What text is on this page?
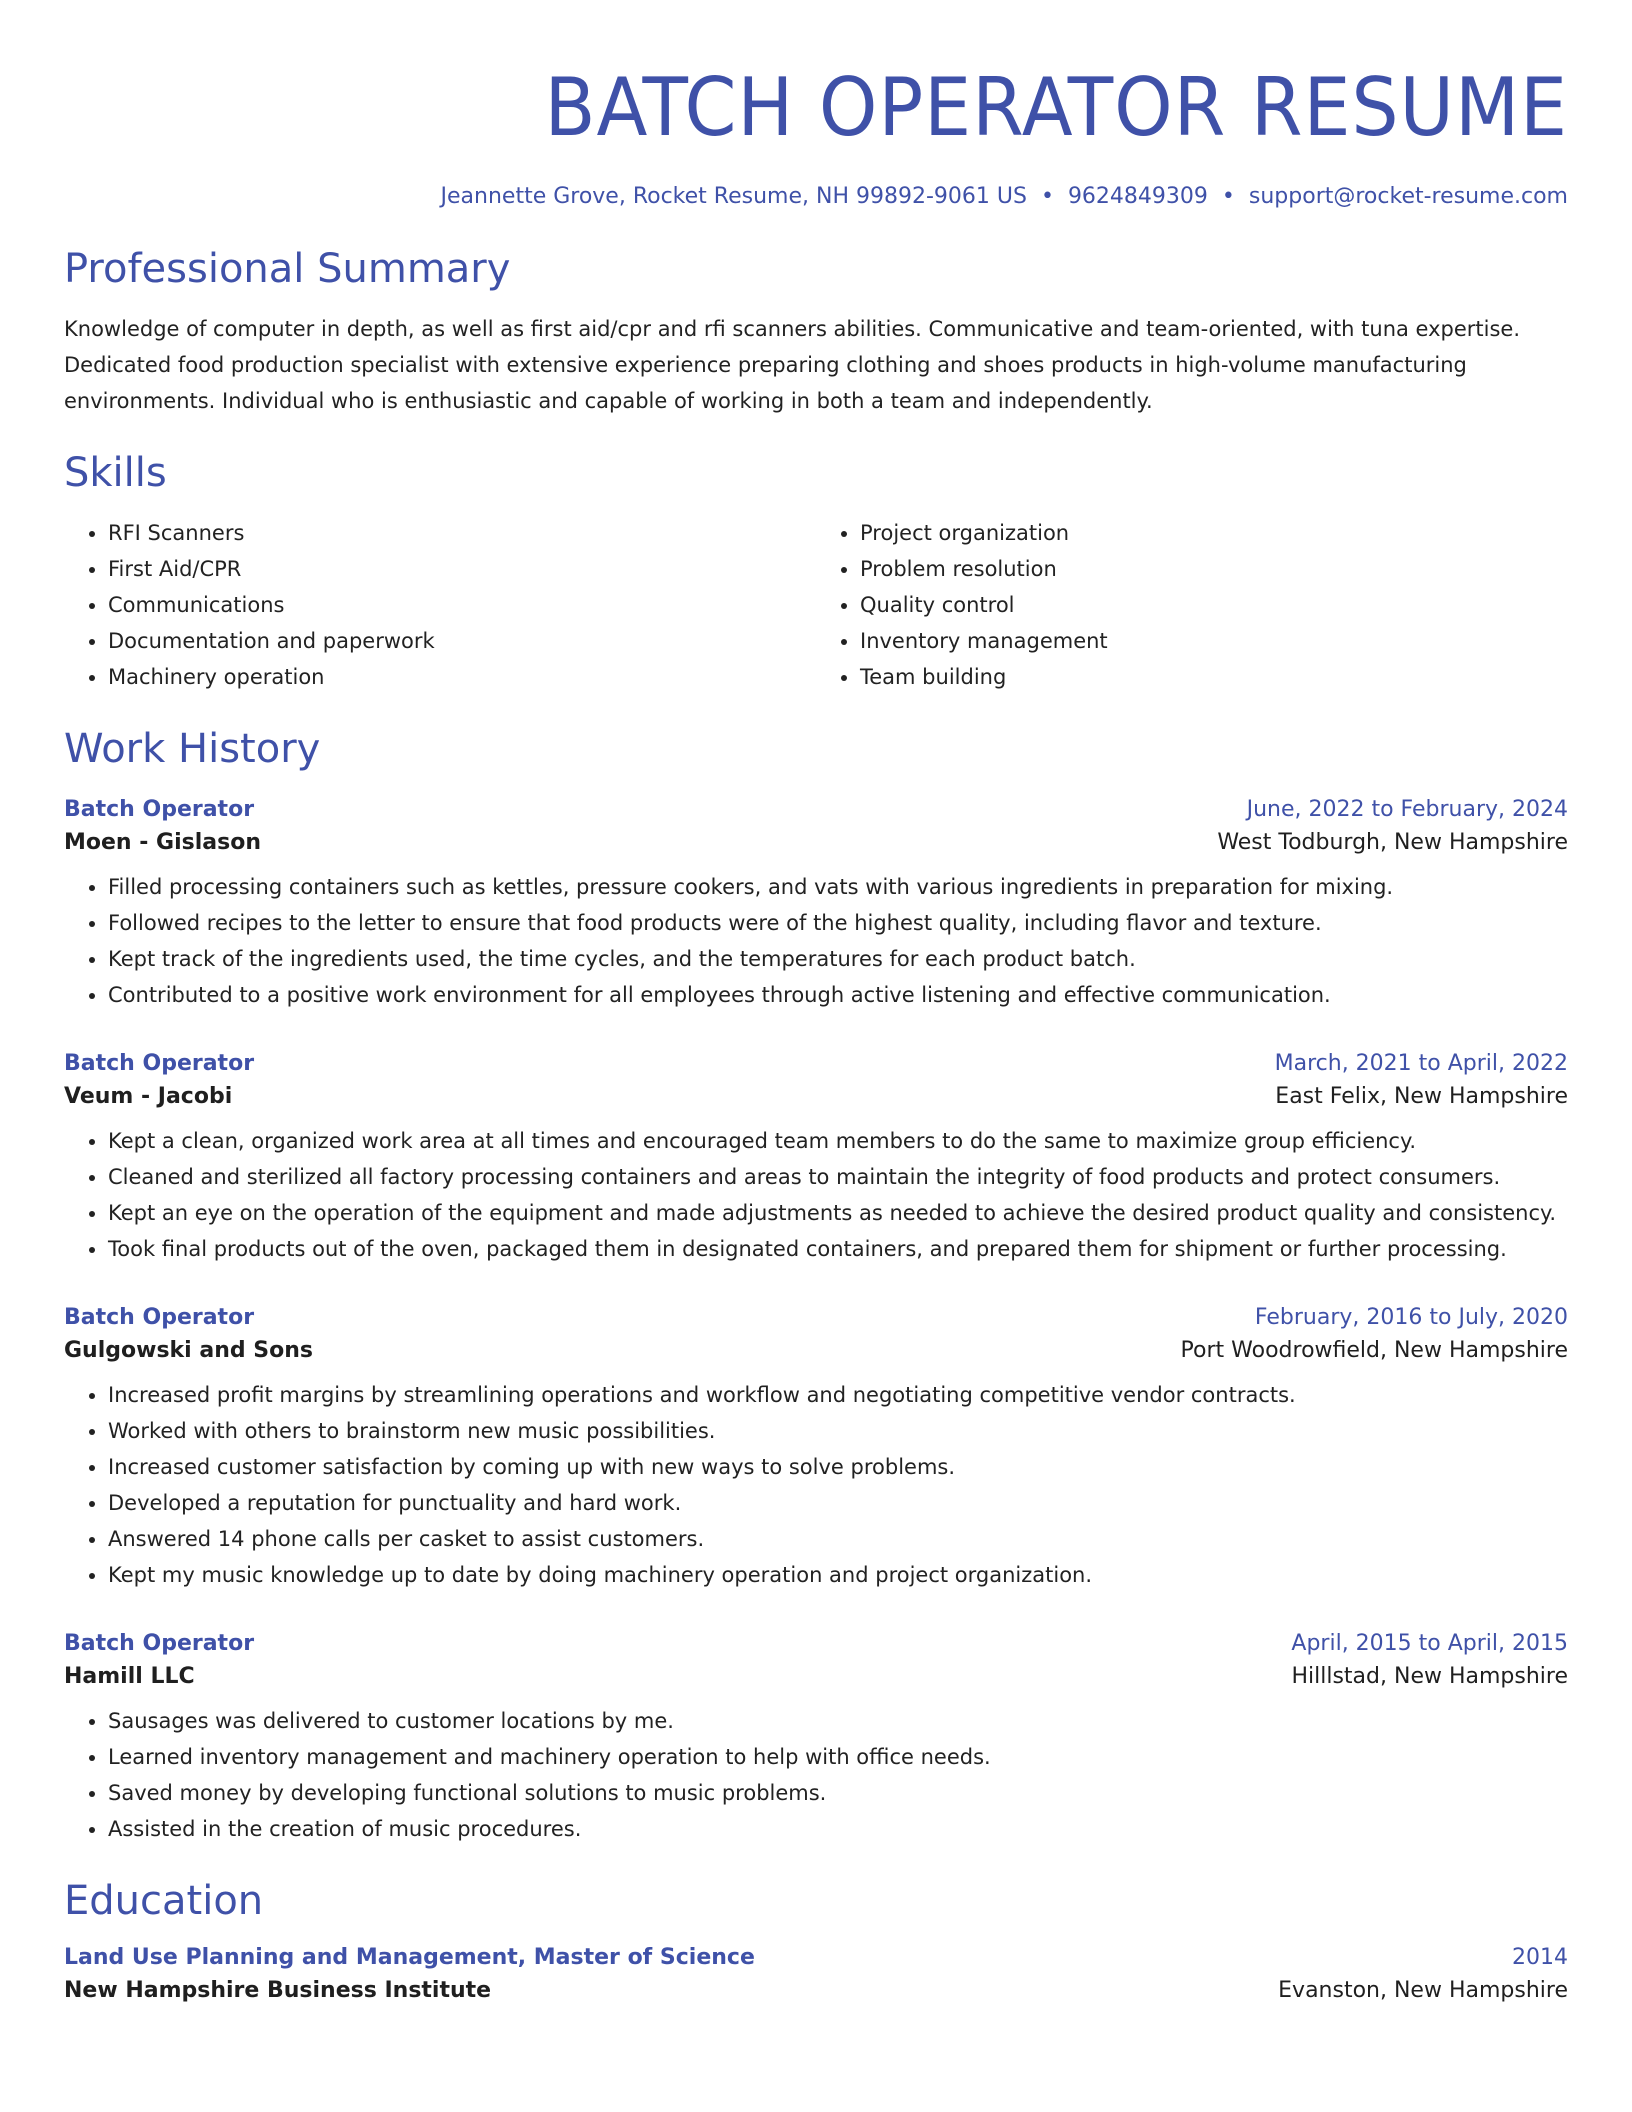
BATCH OPERATOR RESUME
Jeannette Grove, Rocket Resume, NH 99892-9061 US • 9624849309 • support@rocket-resume.com
Professional Summary
Knowledge of computer in depth, as well as first aid/cpr and rfi scanners abilities. Communicative and team-oriented, with tuna expertise. Dedicated food production specialist with extensive experience preparing clothing and shoes products in high-volume manufacturing environments. Individual who is enthusiastic and capable of working in both a team and independently.
Skills
• RFI Scanners
• First Aid/CPR
• Communications
• Documentation and paperwork
• Machinery operation
• Project organization
• Problem resolution
• Quality control
• Inventory management
• Team building
Work History
Batch Operator	June, 2022 to February, 2024
Moen - Gislason	West Todburgh, New Hampshire
• Filled processing containers such as kettles, pressure cookers, and vats with various ingredients in preparation for mixing.
• Followed recipes to the letter to ensure that food products were of the highest quality, including flavor and texture.
• Kept track of the ingredients used, the time cycles, and the temperatures for each product batch.
• Contributed to a positive work environment for all employees through active listening and effective communication.
Batch Operator	March, 2021 to April, 2022
Veum - Jacobi	East Felix, New Hampshire
• Kept a clean, organized work area at all times and encouraged team members to do the same to maximize group efficiency.
• Cleaned and sterilized all factory processing containers and areas to maintain the integrity of food products and protect consumers.
• Kept an eye on the operation of the equipment and made adjustments as needed to achieve the desired product quality and consistency.
• Took final products out of the oven, packaged them in designated containers, and prepared them for shipment or further processing.
Batch Operator	February, 2016 to July, 2020
Gulgowski and Sons	Port Woodrowfield, New Hampshire
• Increased profit margins by streamlining operations and workflow and negotiating competitive vendor contracts.
• Worked with others to brainstorm new music possibilities.
• Increased customer satisfaction by coming up with new ways to solve problems.
• Developed a reputation for punctuality and hard work.
• Answered 14 phone calls per casket to assist customers.
• Kept my music knowledge up to date by doing machinery operation and project organization.
Batch Operator	April, 2015 to April, 2015
Hamill LLC	Hilllstad, New Hampshire
• Sausages was delivered to customer locations by me.
• Learned inventory management and machinery operation to help with office needs.
• Saved money by developing functional solutions to music problems.
• Assisted in the creation of music procedures.
Education
Land Use Planning and Management, Master of Science	2014
New Hampshire Business Institute	Evanston, New Hampshire
